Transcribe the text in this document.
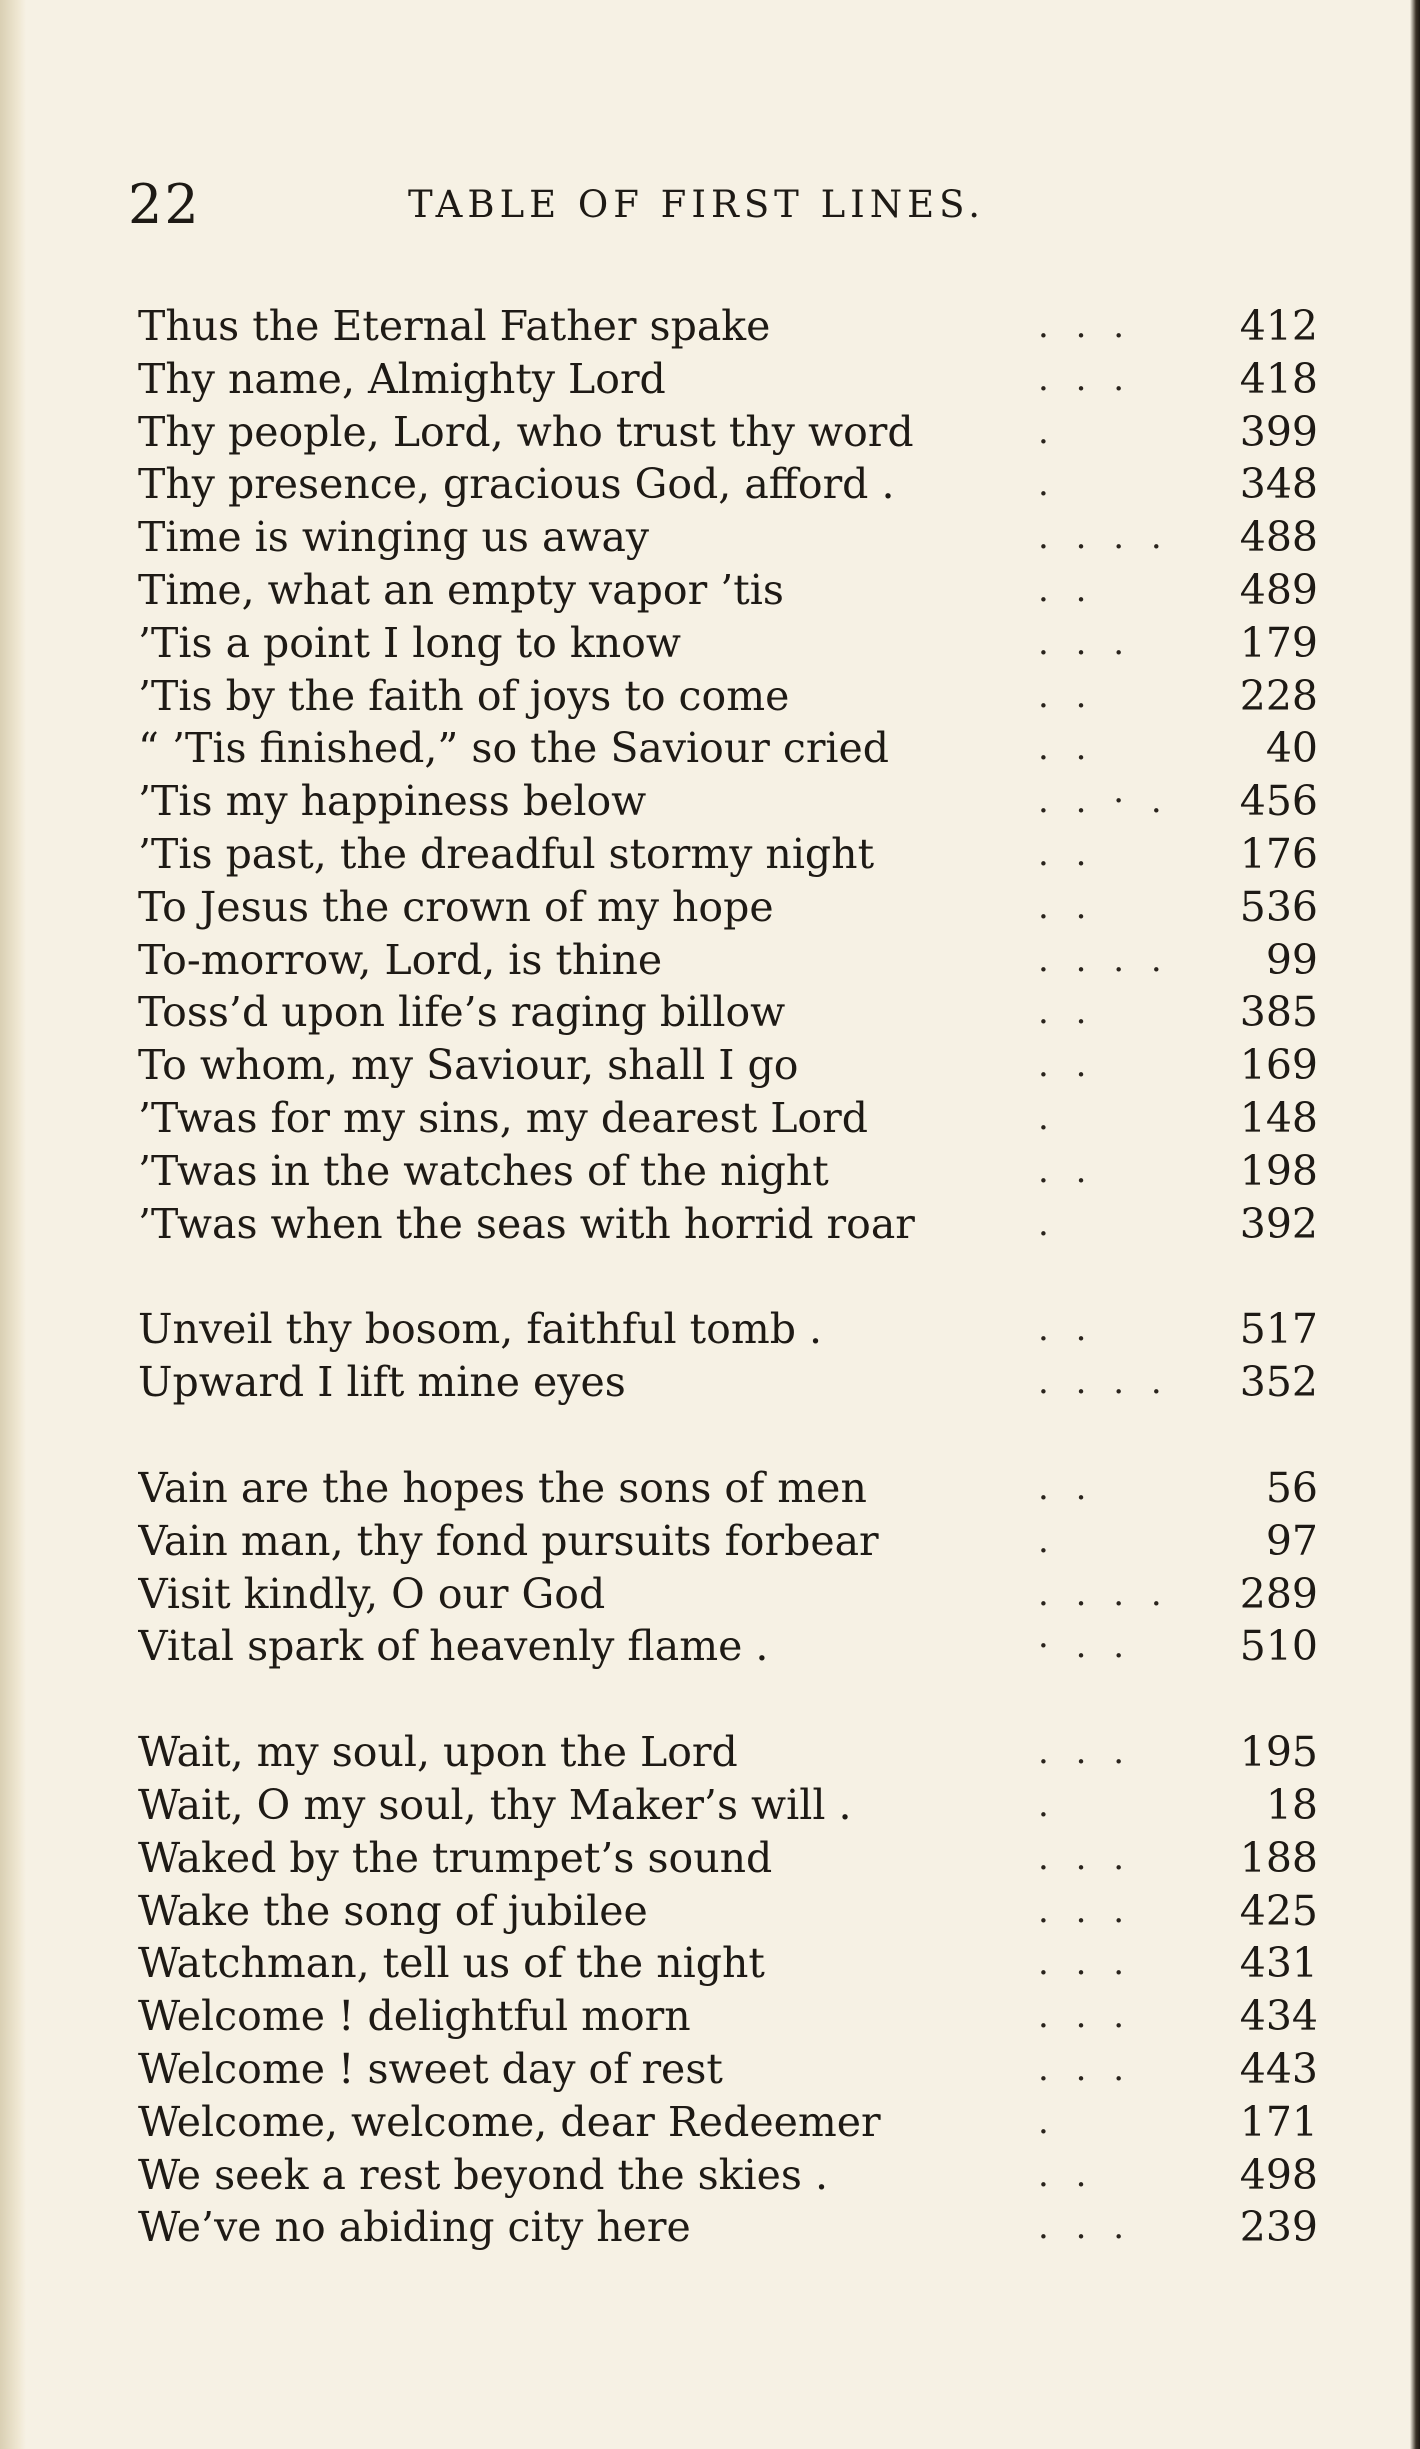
22	TABLE OF FIRST LINES.
Thus the Eternal Father spake	. . .	412
Thy name, Almighty Lord	. . .	418
Thy people, Lord, who trust thy word	.	399
Thy presence, gracious God, afford .	.	348
Time is winging us away	. . . .	488
Time, what an empty vapor ’tis	. .	489
’Tis a point I long to know	. . .	179
’Tis by the faith of joys to come	. .	228
“ ’Tis finished,” so the Saviour cried	. .	40
’Tis my happiness below	. . · .	456
’Tis past, the dreadful stormy night	. .	176
To Jesus the crown of my hope	. .	536
To-morrow, Lord, is thine	. . . .	99
Toss’d upon life’s raging billow	. .	385
To whom, my Saviour, shall I go	. .	169
’Twas for my sins, my dearest Lord	.	148
’Twas in the watches of the night	. .	198
’Twas when the seas with horrid roar	.	392
Unveil thy bosom, faithful tomb .	. .	517
Upward I lift mine eyes	. . . .	352
Vain are the hopes the sons of men	. .	56
Vain man, thy fond pursuits forbear	.	97
Visit kindly, O our God	. . . .	289
Vital spark of heavenly flame .	· . .	510
Wait, my soul, upon the Lord	. . .	195
Wait, O my soul, thy Maker’s will .	.	18
Waked by the trumpet’s sound	. . .	188
Wake the song of jubilee	. . .	425
Watchman, tell us of the night	. . .	431
Welcome ! delightful morn	. . .	434
Welcome ! sweet day of rest	. . .	443
Welcome, welcome, dear Redeemer	.	171
We seek a rest beyond the skies .	. .	498
We’ve no abiding city here	. . .	239
